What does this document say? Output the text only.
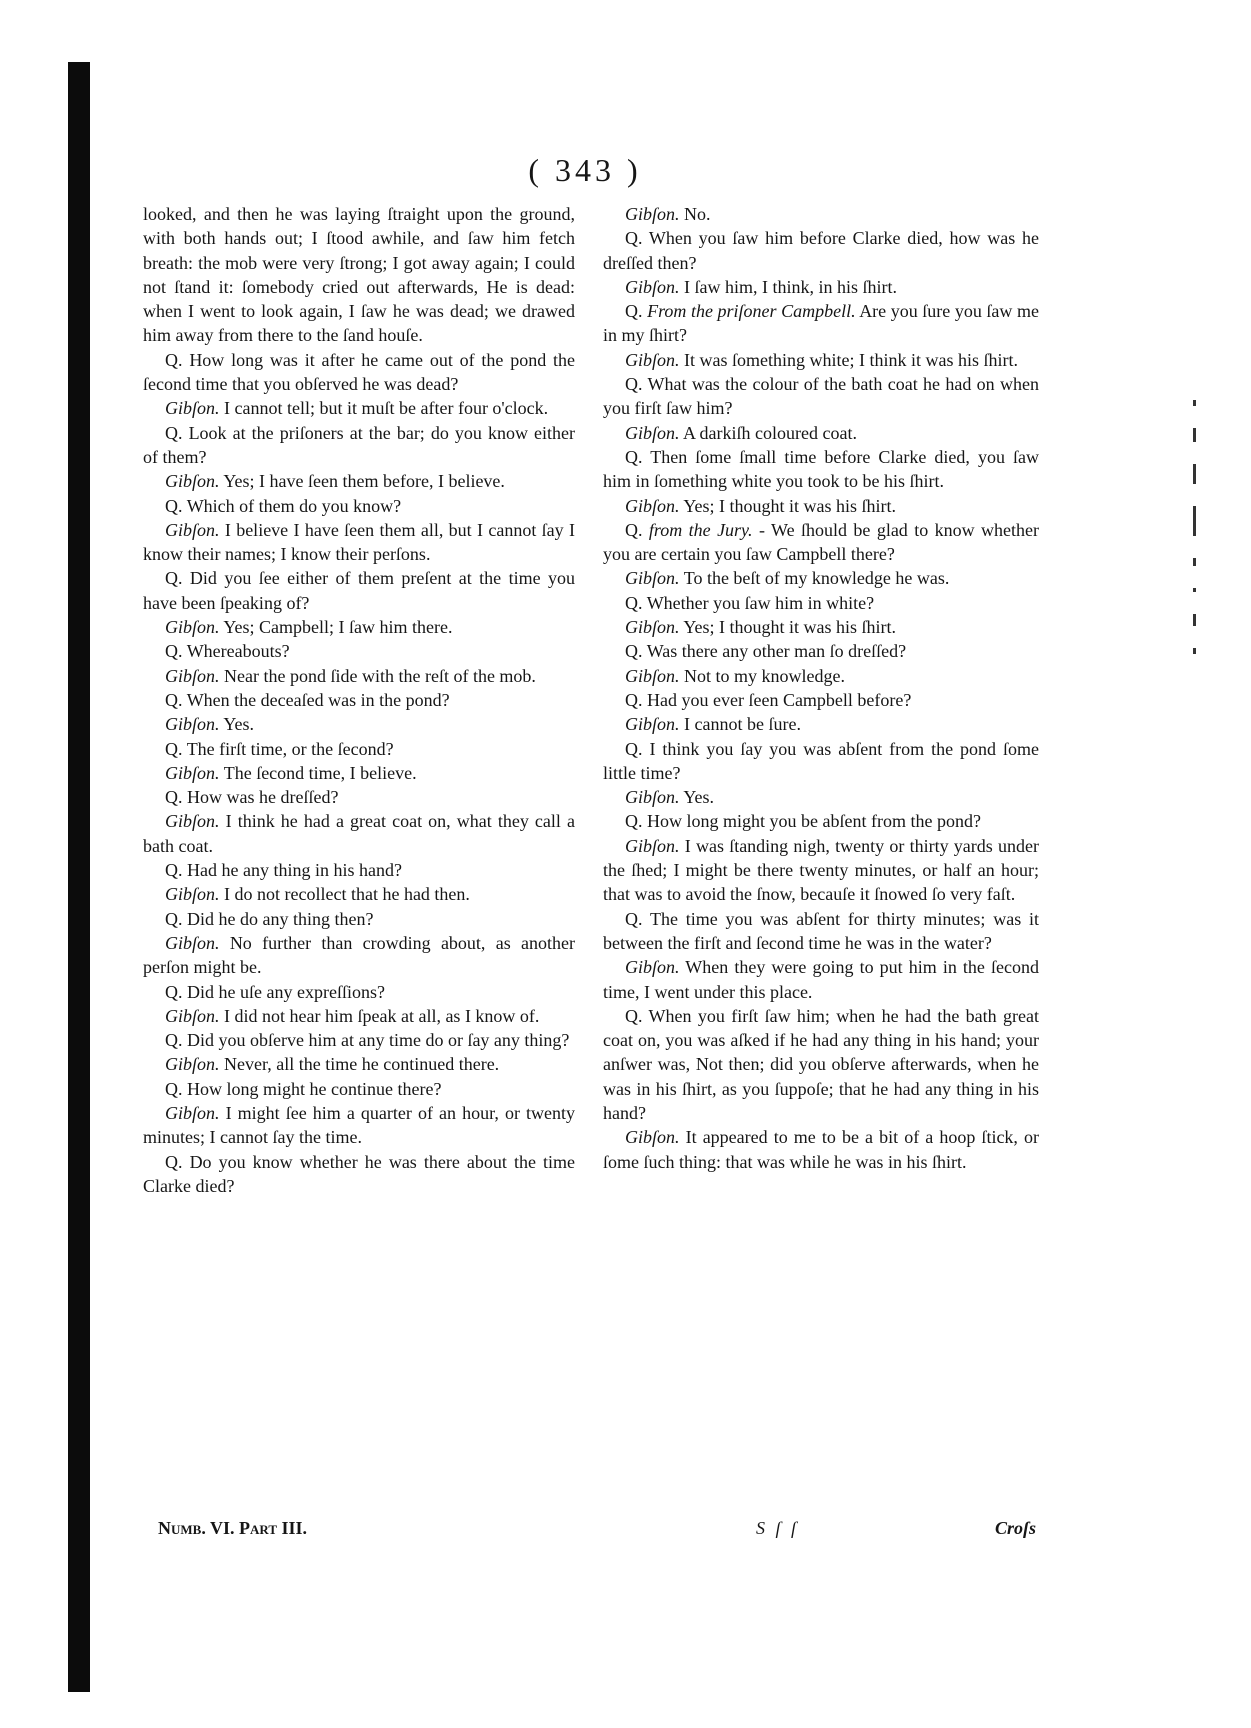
( 343 )

looked, and then he was laying ſtraight upon the ground, with both hands out; I ſtood awhile, and ſaw him fetch breath: the mob were very ſtrong; I got away again; I could not ſtand it: ſomebody cried out afterwards, He is dead: when I went to look again, I ſaw he was dead; we drawed him away from there to the ſand houſe.

Q. How long was it after he came out of the pond the ſecond time that you obſerved he was dead?

Gibſon. I cannot tell; but it muſt be after four o'clock.

Q. Look at the priſoners at the bar; do you know either of them?

Gibſon. Yes; I have ſeen them before, I believe.

Q. Which of them do you know?

Gibſon. I believe I have ſeen them all, but I cannot ſay I know their names; I know their perſons.

Q. Did you ſee either of them preſent at the time you have been ſpeaking of?

Gibſon. Yes; Campbell; I ſaw him there.

Q. Whereabouts?

Gibſon. Near the pond ſide with the reſt of the mob.

Q. When the deceaſed was in the pond?

Gibſon. Yes.

Q. The firſt time, or the ſecond?

Gibſon. The ſecond time, I believe.

Q. How was he dreſſed?

Gibſon. I think he had a great coat on, what they call a bath coat.

Q. Had he any thing in his hand?

Gibſon. I do not recollect that he had then.

Q. Did he do any thing then?

Gibſon. No further than crowding about, as another perſon might be.

Q. Did he uſe any expreſſions?

Gibſon. I did not hear him ſpeak at all, as I know of.

Q. Did you obſerve him at any time do or ſay any thing?

Gibſon. Never, all the time he continued there.

Q. How long might he continue there?

Gibſon. I might ſee him a quarter of an hour, or twenty minutes; I cannot ſay the time.

Q. Do you know whether he was there about the time Clarke died?

Gibſon. No.

Q. When you ſaw him before Clarke died, how was he dreſſed then?

Gibſon. I ſaw him, I think, in his ſhirt.

Q. From the priſoner Campbell. Are you ſure you ſaw me in my ſhirt?

Gibſon. It was ſomething white; I think it was his ſhirt.

Q. What was the colour of the bath coat he had on when you firſt ſaw him?

Gibſon. A darkiſh coloured coat.

Q. Then ſome ſmall time before Clarke died, you ſaw him in ſomething white you took to be his ſhirt.

Gibſon. Yes; I thought it was his ſhirt.

Q. from the Jury. - We ſhould be glad to know whether you are certain you ſaw Campbell there?

Gibſon. To the beſt of my knowledge he was.

Q. Whether you ſaw him in white?

Gibſon. Yes; I thought it was his ſhirt.

Q. Was there any other man ſo dreſſed?

Gibſon. Not to my knowledge.

Q. Had you ever ſeen Campbell before?

Gibſon. I cannot be ſure.

Q. I think you ſay you was abſent from the pond ſome little time?

Gibſon. Yes.

Q. How long might you be abſent from the pond?

Gibſon. I was ſtanding nigh, twenty or thirty yards under the ſhed; I might be there twenty minutes, or half an hour; that was to avoid the ſnow, becauſe it ſnowed ſo very faſt.

Q. The time you was abſent for thirty minutes; was it between the firſt and ſecond time he was in the water?

Gibſon. When they were going to put him in the ſecond time, I went under this place.

Q. When you firſt ſaw him; when he had the bath great coat on, you was aſked if he had any thing in his hand; your anſwer was, Not then; did you obſerve afterwards, when he was in his ſhirt, as you ſuppoſe; that he had any thing in his hand?

Gibſon. It appeared to me to be a bit of a hoop ſtick, or ſome ſuch thing: that was while he was in his ſhirt.

Numb. VI. Part III.	S ſ ſ	Croſs
